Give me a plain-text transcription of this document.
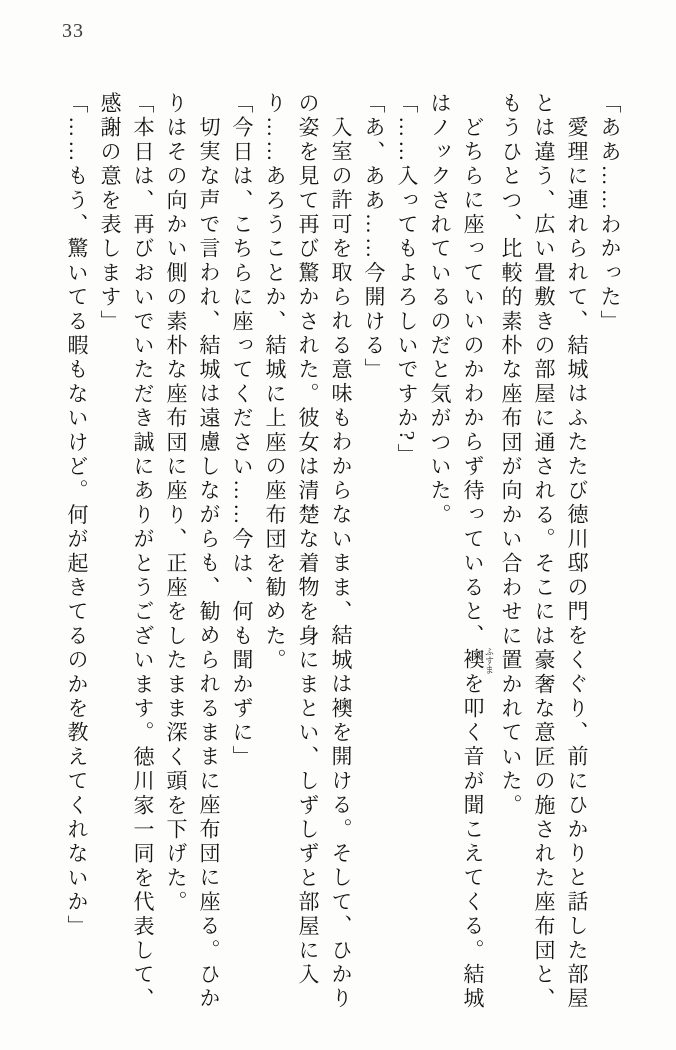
33

「ああ……わかった」

愛理に連れられて、結城はふたたび徳川邸の門をくぐり、前にひかりと話した部屋とは違う、広い畳敷きの部屋に通される。そこには豪奢な意匠の施された座布団と、もうひとつ、比較的素朴な座布団が向かい合わせに置かれていた。

どちらに座っていいのかわからず待っていると、襖 ふすまを叩く音が聞こえてくる。結城はノックされているのだと気がついた。

「……入ってもよろしいですか?」

「あ、ああ……今開ける」

入室の許可を取られる意味もわからないまま、結城は襖を開ける。そして、ひかりの姿を見て再び驚かされた。彼女は清楚な着物を身にまとい、しずしずと部屋に入り……あろうことか、結城に上座の座布団を勧めた。

「今日は、こちらに座ってください……今は、何も聞かずに」

切実な声で言われ、結城は遠慮しながらも、勧められるままに座布団に座る。ひかりはその向かい側の素朴な座布団に座り、正座をしたまま深く頭を下げた。

「本日は、再びおいでいただき誠にありがとうございます。徳川家一同を代表して、感謝の意を表します」

「……もう、驚いてる暇もないけど。何が起きてるのかを教えてくれないか」
